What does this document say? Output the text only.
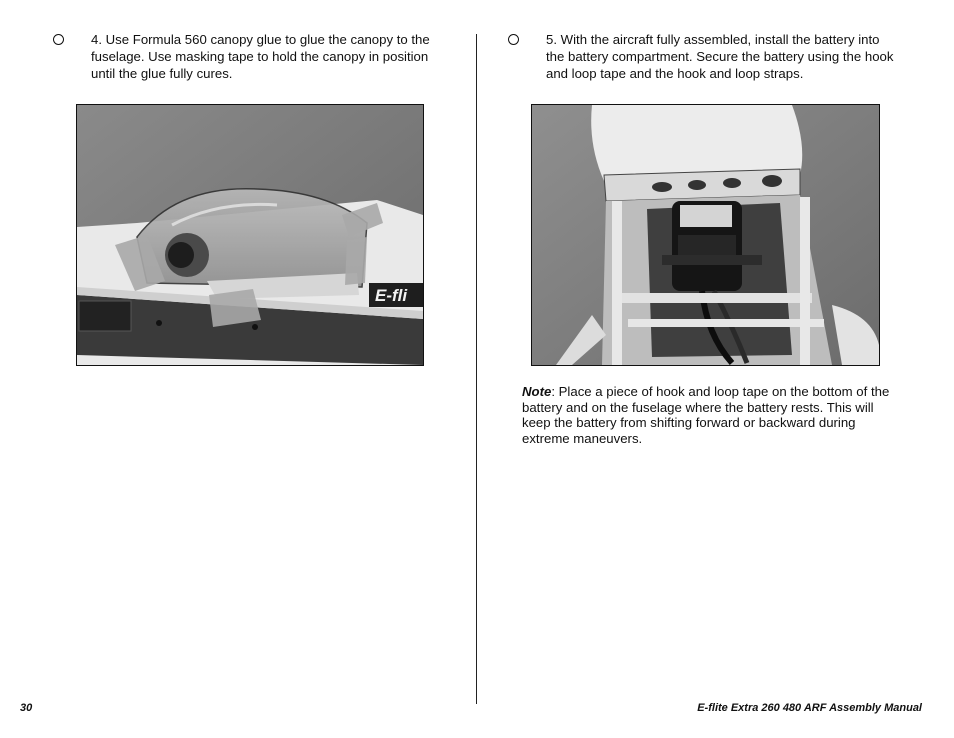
4. Use Formula 560 canopy glue to glue the canopy to the fuselage. Use masking tape to hold the canopy in position until the glue fully cures.
5. With the aircraft fully assembled, install the battery into the battery compartment. Secure the battery using the hook and loop tape and the hook and loop straps.
E-fli
Note: Place a piece of hook and loop tape on the bottom of the battery and on the fuselage where the battery rests. This will keep the battery from shifting forward or backward during extreme maneuvers.
30	E-flite Extra 260 480 ARF Assembly Manual
